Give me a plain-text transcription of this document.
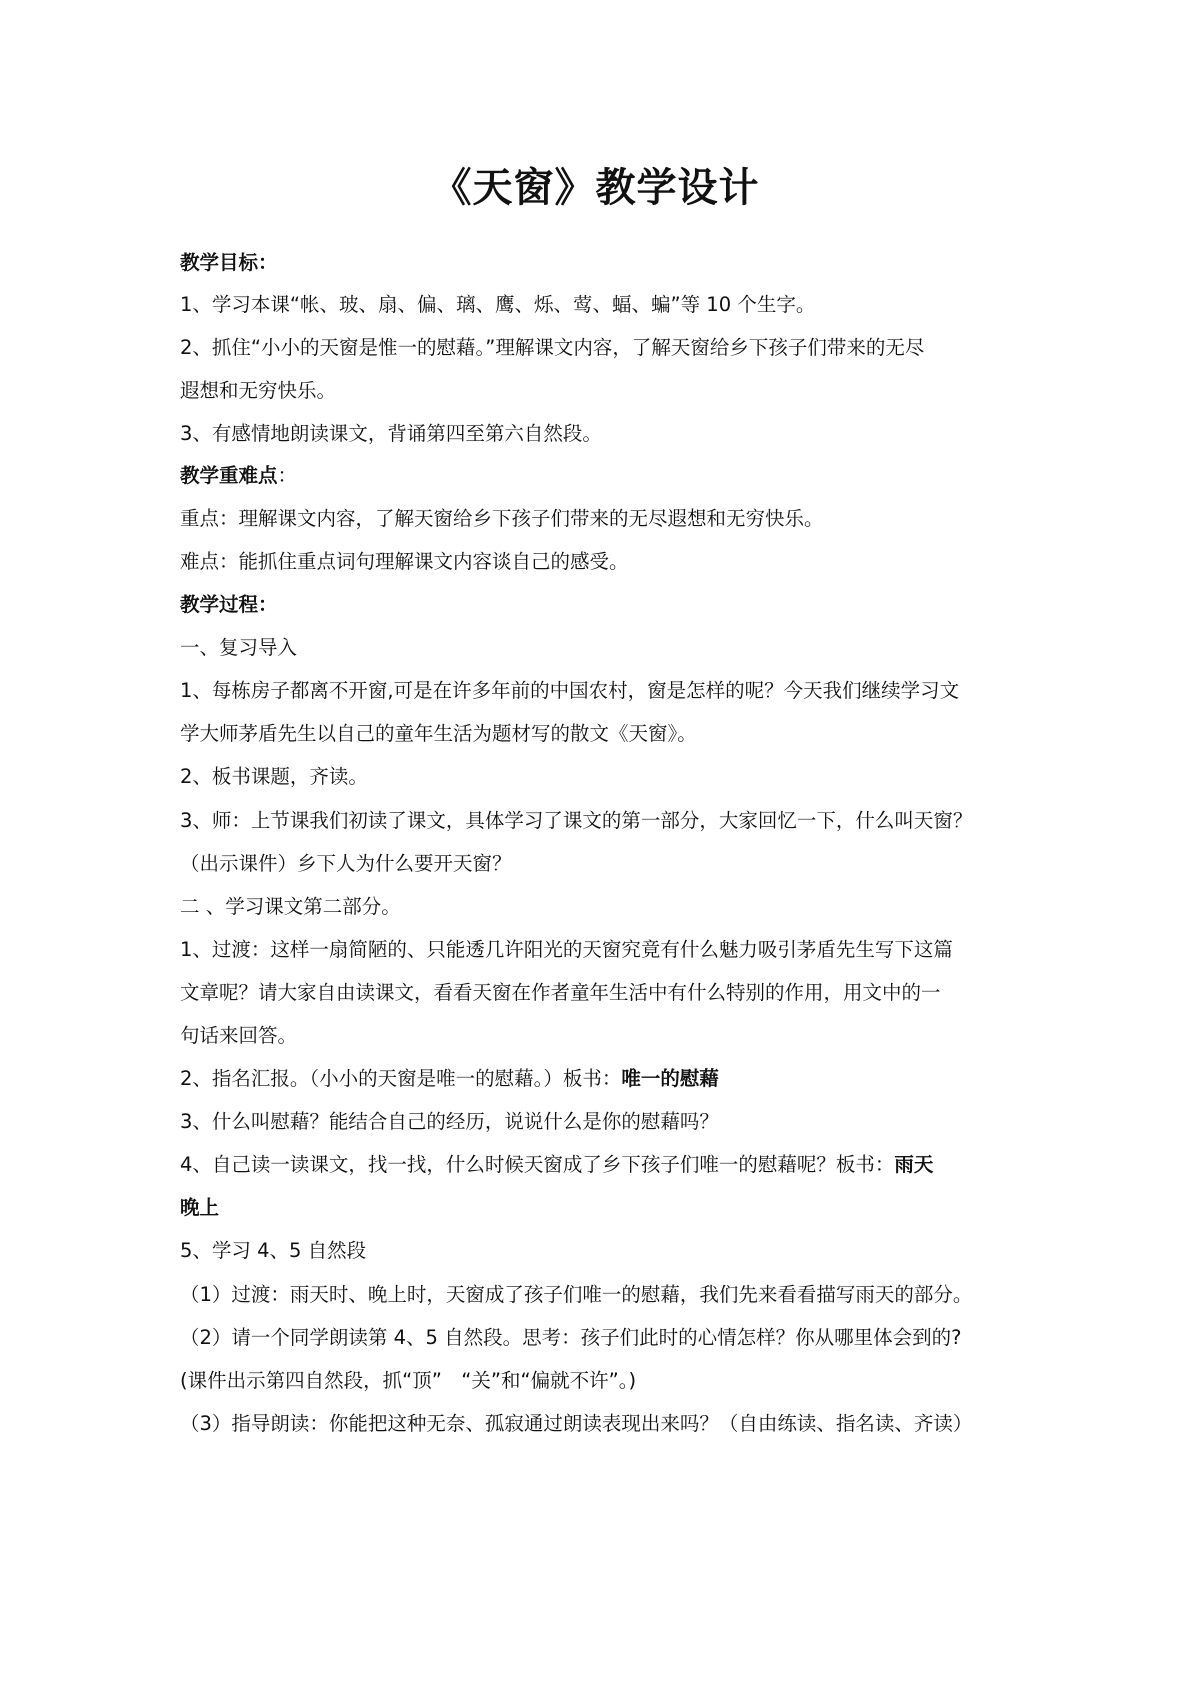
《天窗》教学设计

教学目标：

1、学习本课“帐、玻、扇、偏、璃、鹰、烁、莺、蝠、蝙”等 10 个生字。

2、抓住“小小的天窗是惟一的慰藉。”理解课文内容，了解天窗给乡下孩子们带来的无尽

遐想和无穷快乐。

3、有感情地朗读课文，背诵第四至第六自然段。

教学重难点：

重点：理解课文内容，了解天窗给乡下孩子们带来的无尽遐想和无穷快乐。

难点：能抓住重点词句理解课文内容谈自己的感受。

教学过程：

一、复习导入

1、每栋房子都离不开窗,可是在许多年前的中国农村，窗是怎样的呢？今天我们继续学习文

学大师茅盾先生以自己的童年生活为题材写的散文《天窗》。

2、板书课题，齐读。

3、师：上节课我们初读了课文，具体学习了课文的第一部分，大家回忆一下，什么叫天窗？

（出示课件）乡下人为什么要开天窗？

二 、学习课文第二部分。

1、过渡：这样一扇简陋的、只能透几许阳光的天窗究竟有什么魅力吸引茅盾先生写下这篇

文章呢？请大家自由读课文，看看天窗在作者童年生活中有什么特别的作用，用文中的一

句话来回答。

2、指名汇报。（小小的天窗是唯一的慰藉。）板书：唯一的慰藉

3、什么叫慰藉？能结合自己的经历，说说什么是你的慰藉吗？

4、自己读一读课文，找一找，什么时候天窗成了乡下孩子们唯一的慰藉呢？板书：雨天

晚上

5、学习 4、5 自然段

（1）过渡：雨天时、晚上时，天窗成了孩子们唯一的慰藉，我们先来看看描写雨天的部分。

（2）请一个同学朗读第 4、5 自然段。思考：孩子们此时的心情怎样？你从哪里体会到的?

(课件出示第四自然段，抓“顶”　“关”和“偏就不许”。)

（3）指导朗读：你能把这种无奈、孤寂通过朗读表现出来吗？（自由练读、指名读、齐读）
